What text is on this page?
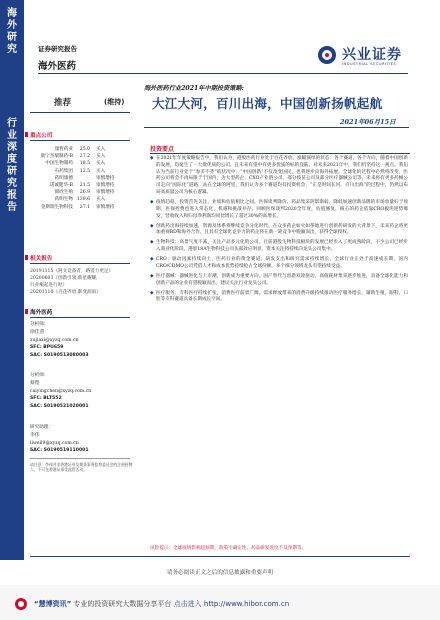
海外研究
行业深度研究报告
证券研究报告
海外医药
兴业证券
INDUSTRIAL SECURITIES
推荐	(维持)
海外医药行业2021年中期投资策略:
大江大河，百川出海，中国创新扬帆起航
2021年06月15日
重点公司
康哲药业	25.0	买入
康宁杰瑞制药-B	27.2	买入
中国生物制药	18.5	买入
石药集团	12.5	买入
药明康德		审慎增持
诺诚健华-B	21.5	审慎增持
锦欣生殖	26.9	审慎增持
药明生物	139.6	买入
金斯瑞生物科技	27.1	审慎增持
相关报告
20191115《阿文竞备者，路遥力更足》
20200603《创新引领,新星耀耀,
行业崛起进行时》
20201110《百花齐放,渐变润雨》
海外医药
分析师：
徐佳熹
xujiaxi@xyzq.com.cn
SFC: BPU659
SAC: S0190513080003
分析师：
蔡铿
caiyingchen@xyzq.com.cn
SFC: BLT552
SAC: S0190521020001
研究助理：
李伟
liweil9@xyzq.com.cn
SAC: S0190519110001
请注意：李伟并非香港证券及期货事务监察委员会的注册持牌人，不可在香港从事受监管活动。
投资要点
◆ 在2021年年度策略报告中，我们认为，港股医药行业处于百花齐放、涨幅演绎的状态：各个赛道，各个方向，随着中国创新的发展，均诞生了一大批优质的公司，且未来有望中有更多优质的标的登陆。对未来2021年中，我们仍坚持这一观点。我们认为当前行业处于“参差不齐”的状况中：“中国创新”不仅改变国民，也将逐步向海外拓展，全球化的过程中必然将改变，医药公司将会不再局限于于国内，为大型药企、CXO产业链公司、部分疫苗公司及部分医疗器械公司等。未来将有更多药械公司走向“国际化”道路，站在全球的阿里，我们认为多个赛道均有投资机会，“正是时间长河，百川出海”的过程中，仍然以布局高质量公司为核心逻辑。
◆ 疫情趋稳，投资首先关注，业绩和估值相比之间。医保谈判降价、药品集采阴影渐弱，降低加速创新品牌的市场放量好于预期，医保控费也进入常态化，机遇和挑战并存。回顾医保谈判2020全年度，估值修复，核心的药企依靠CRO板块逆势爆发，营收收入和归母净利润均同比增长了超过30%的高增长。
◆ 创新药出海持续加速，资源及体系将继续竞争分化时代。在众多药企如火如荼地进行创新药研发的大背景下，未来药企将更加重视BD和海外合作，且具有全球化竞争力的药企将在新一轮竞争中脱颖而出，获得全球授权。
◆ 生物科技：高景气度不减，关注产品多元化的公司。目前港股生物科技板块的发展已经步入了更成熟阶段，不少公司已经步入商业化阶段。港股18A生物科技公司头部效应明显，资本关注将持续向龙头公司集中。
◆ CRO：驱动因素持续向上，医药行业的黄金赛道。研发支出和研究需求持续增长，全球行业正处于高速成长期，国内CRO/CDMO公司凭借人才和成本优势持续抢占全球份额，多个细分领域龙头有望持续受益。
◆ 医疗器械：器械进化与上市潮，创新成为重要方向。国产替代与创新双轮驱动，高值耗材集采逐步推进，具备全球化能力和创新产品的企业有望脱颖而出，建议关注行业龙头公司。
◆ 医疗服务：专科医疗持续扩张，消费医疗前景广阔。需求释放带来的消费升级持续推动医疗服务增长，辅助生殖、眼科、口腔等专科赛道具备长期成长空间。
风险提示：全球疫情影响超预期、政策不确定性、药品研发进度不及预期等。
请务必阅读正文之后的信息披露和重要声明
“慧博资讯” 专业的投资研究大数据分享平台 点击进入 http://www.hibor.com.cn
